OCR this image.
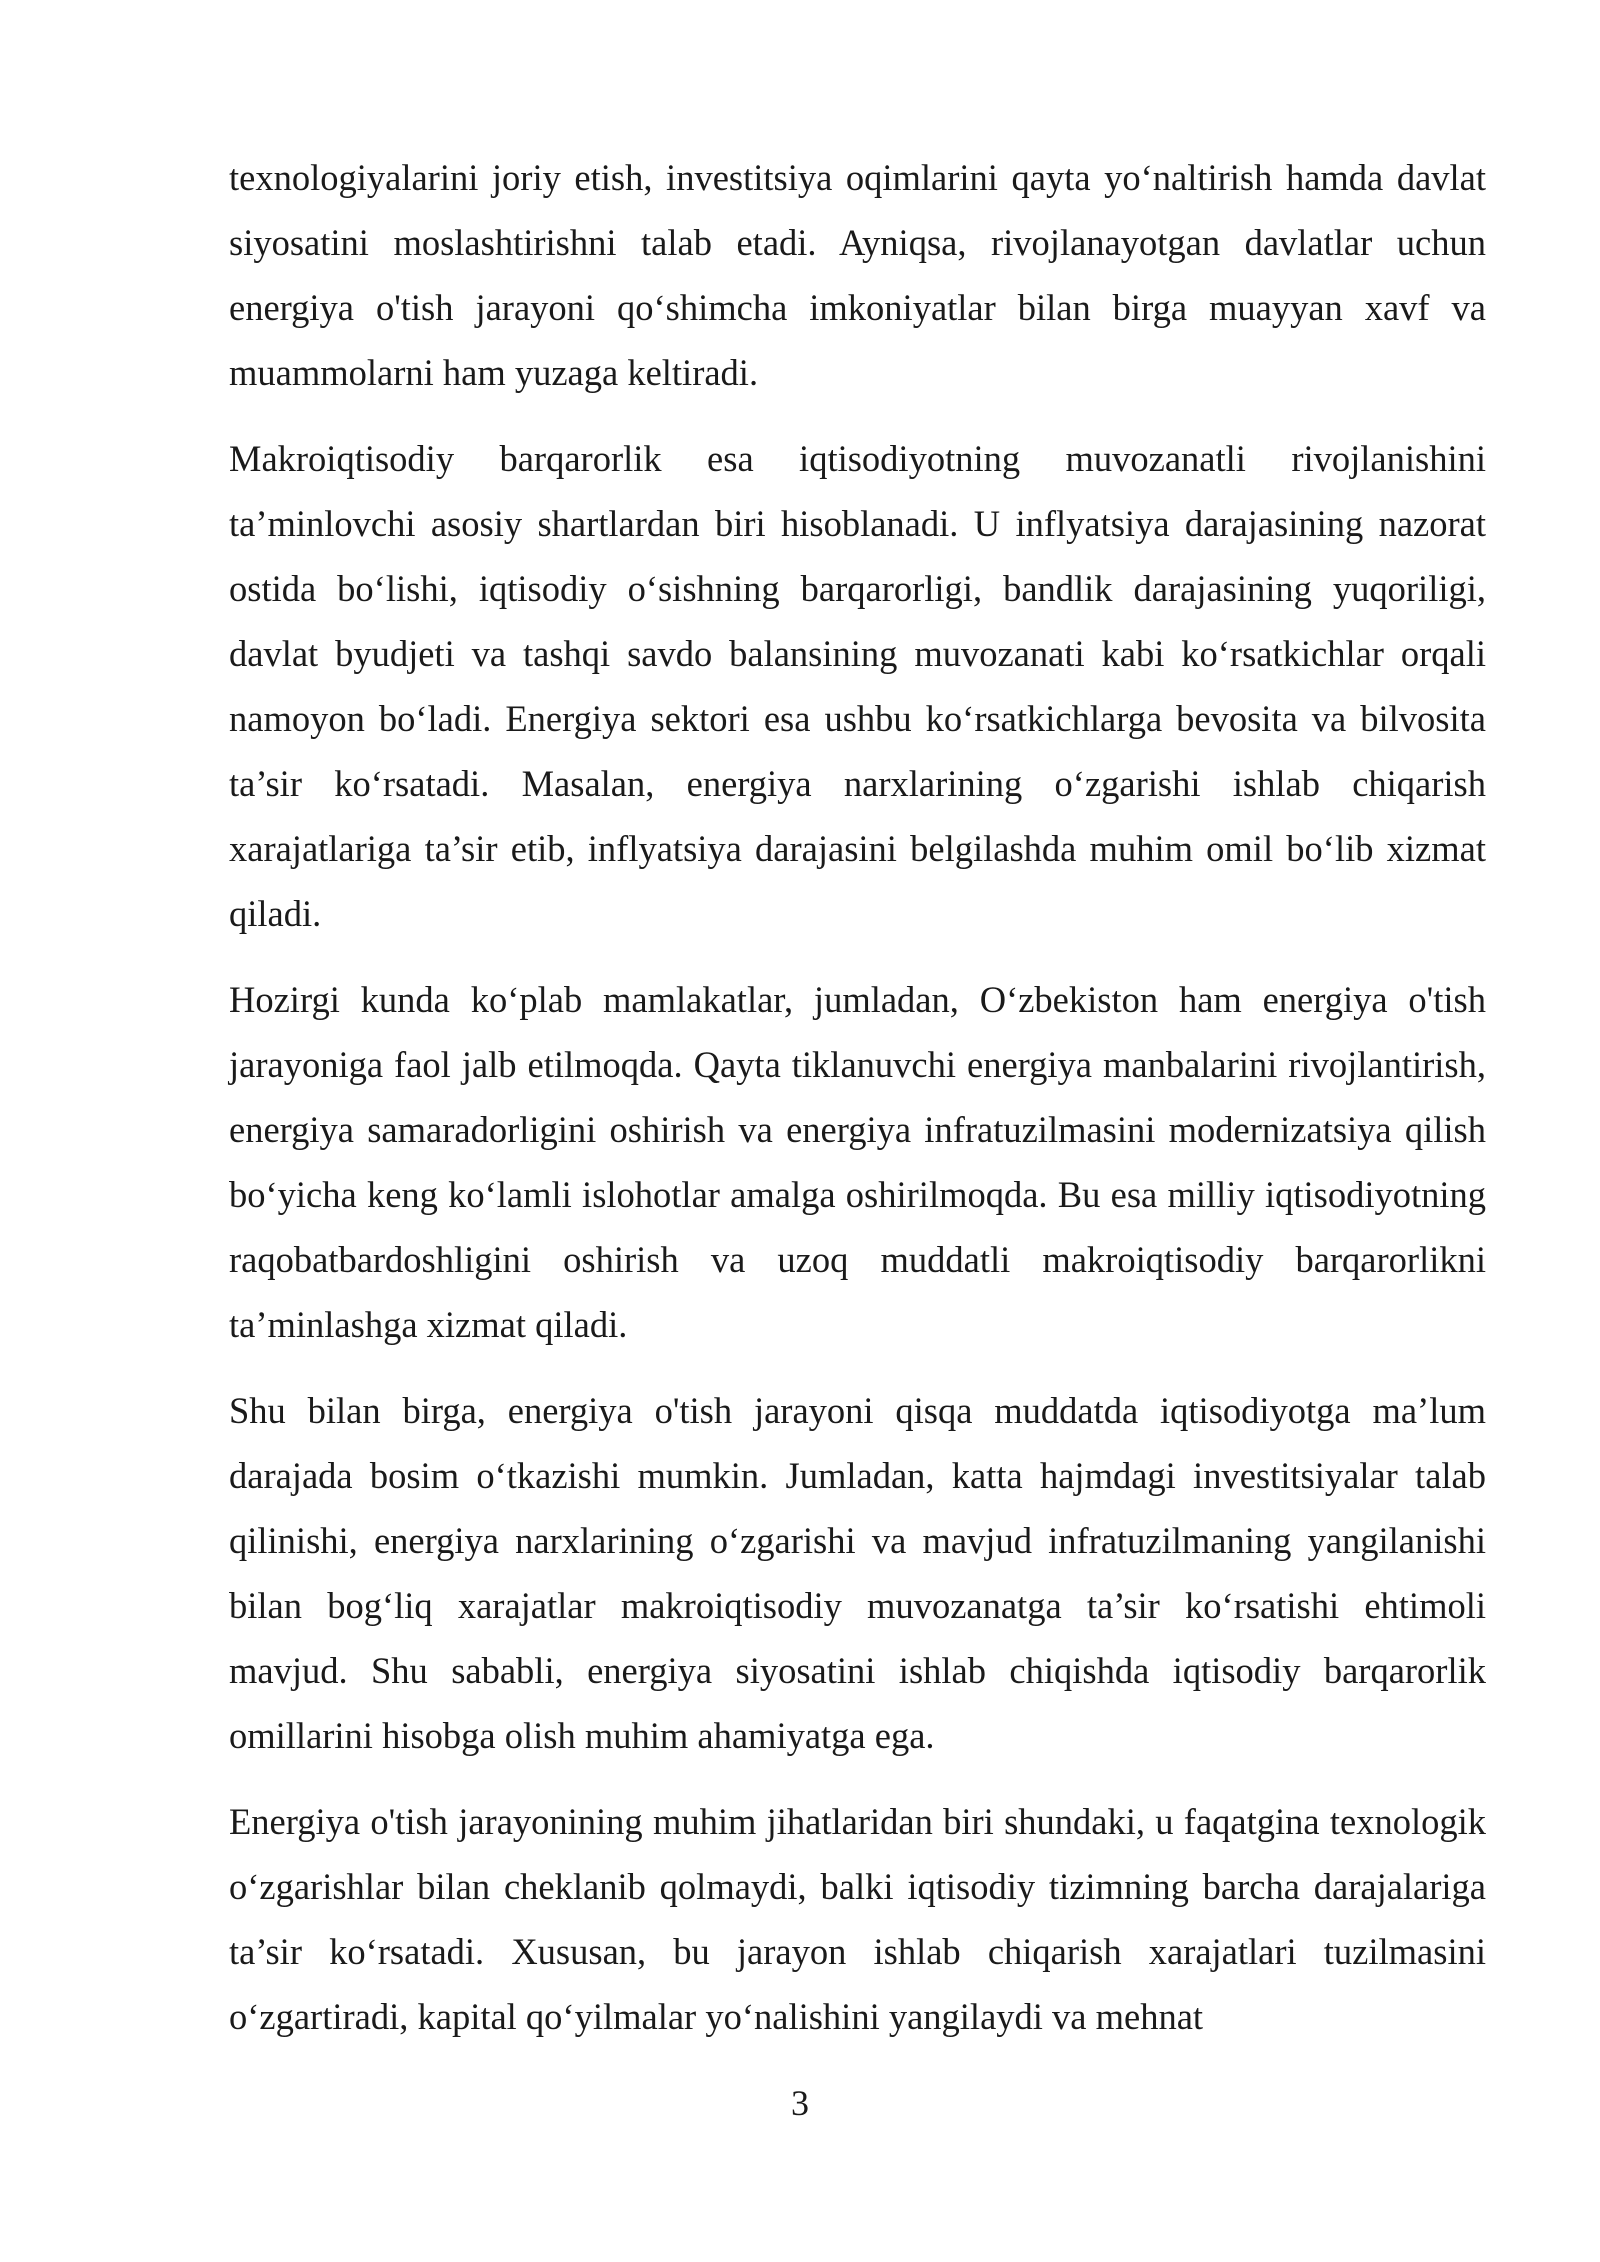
texnologiyalarini joriy etish, investitsiya oqimlarini qayta yo‘naltirish hamda davlat siyosatini moslashtirishni talab etadi. Ayniqsa, rivojlanayotgan davlatlar uchun energiya o'tish jarayoni qo‘shimcha imkoniyatlar bilan birga muayyan xavf va muammolarni ham yuzaga keltiradi.

Makroiqtisodiy barqarorlik esa iqtisodiyotning muvozanatli rivojlanishini ta’minlovchi asosiy shartlardan biri hisoblanadi. U inflyatsiya darajasining nazorat ostida bo‘lishi, iqtisodiy o‘sishning barqarorligi, bandlik darajasining yuqoriligi, davlat byudjeti va tashqi savdo balansining muvozanati kabi ko‘rsatkichlar orqali namoyon bo‘ladi. Energiya sektori esa ushbu ko‘rsatkichlarga bevosita va bilvosita ta’sir ko‘rsatadi. Masalan, energiya narxlarining o‘zgarishi ishlab chiqarish xarajatlariga ta’sir etib, inflyatsiya darajasini belgilashda muhim omil bo‘lib xizmat qiladi.

Hozirgi kunda ko‘plab mamlakatlar, jumladan, O‘zbekiston ham energiya o'tish jarayoniga faol jalb etilmoqda. Qayta tiklanuvchi energiya manbalarini rivojlantirish, energiya samaradorligini oshirish va energiya infratuzilmasini modernizatsiya qilish bo‘yicha keng ko‘lamli islohotlar amalga oshirilmoqda. Bu esa milliy iqtisodiyotning raqobatbardoshligini oshirish va uzoq muddatli makroiqtisodiy barqarorlikni ta’minlashga xizmat qiladi.

Shu bilan birga, energiya o'tish jarayoni qisqa muddatda iqtisodiyotga ma’lum darajada bosim o‘tkazishi mumkin. Jumladan, katta hajmdagi investitsiyalar talab qilinishi, energiya narxlarining o‘zgarishi va mavjud infratuzilmaning yangilanishi bilan bog‘liq xarajatlar makroiqtisodiy muvozanatga ta’sir ko‘rsatishi ehtimoli mavjud. Shu sababli, energiya siyosatini ishlab chiqishda iqtisodiy barqarorlik omillarini hisobga olish muhim ahamiyatga ega.

Energiya o'tish jarayonining muhim jihatlaridan biri shundaki, u faqatgina texnologik o‘zgarishlar bilan cheklanib qolmaydi, balki iqtisodiy tizimning barcha darajalariga ta’sir ko‘rsatadi. Xususan, bu jarayon ishlab chiqarish xarajatlari tuzilmasini o‘zgartiradi, kapital qo‘yilmalar yo‘nalishini yangilaydi va mehnat

3
